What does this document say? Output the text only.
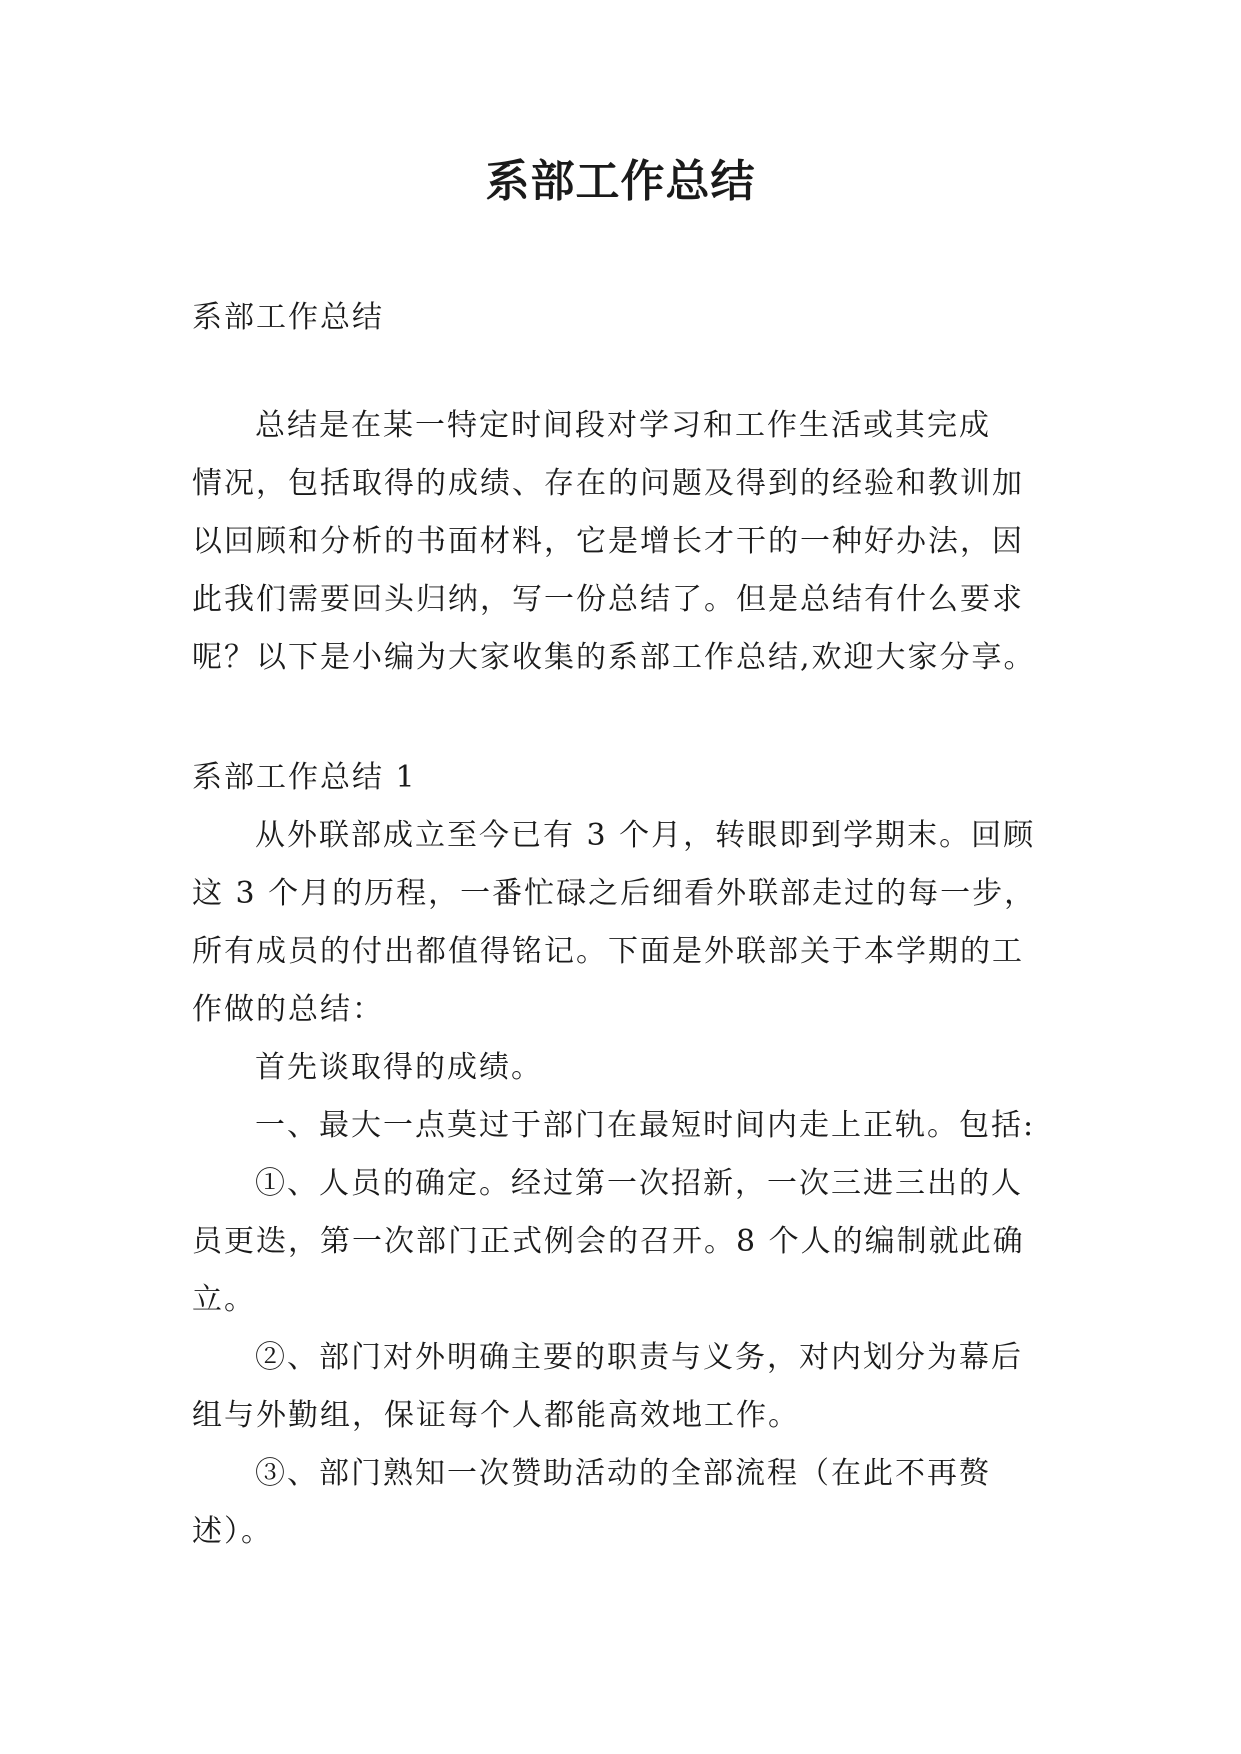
系部工作总结
系部工作总结
总结是在某一特定时间段对学习和工作生活或其完成
情况，包括取得的成绩、存在的问题及得到的经验和教训加
以回顾和分析的书面材料，它是增长才干的一种好办法，因
此我们需要回头归纳，写一份总结了。但是总结有什么要求
呢？以下是小编为大家收集的系部工作总结,欢迎大家分享。
系部工作总结 1
从外联部成立至今已有 3 个月，转眼即到学期末。回顾
这 3 个月的历程，一番忙碌之后细看外联部走过的每一步，
所有成员的付出都值得铭记。下面是外联部关于本学期的工
作做的总结：
首先谈取得的成绩。
一、最大一点莫过于部门在最短时间内走上正轨。包括:
①、人员的确定。经过第一次招新，一次三进三出的人
员更迭，第一次部门正式例会的召开。8 个人的编制就此确
立。
②、部门对外明确主要的职责与义务，对内划分为幕后
组与外勤组，保证每个人都能高效地工作。
③、部门熟知一次赞助活动的全部流程（在此不再赘
述）。
